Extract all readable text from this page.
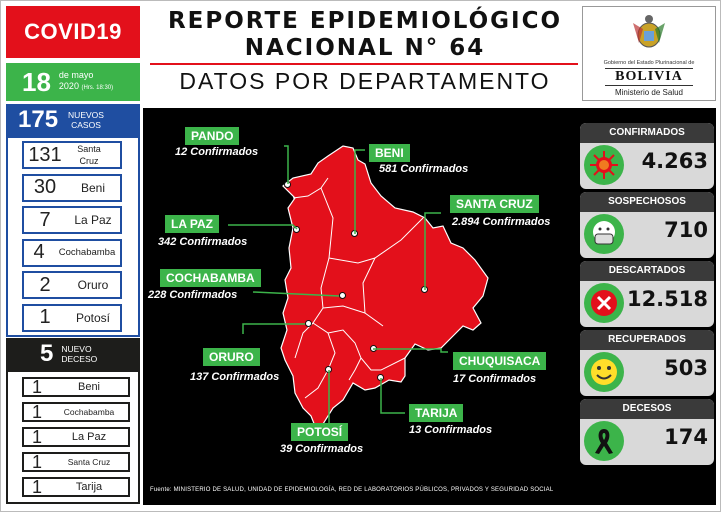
COVID19
18 de mayo
2020 (Hrs. 18:30)
175 NUEVOS
CASOS
131	Santa Cruz
30	Beni
7	La Paz
4	Cochabamba
2	Oruro
1	Potosí
5 NUEVO
DECESO
1	Beni
1	Cochabamba
1	La Paz
1	Santa Cruz
1	Tarija
REPORTE EPIDEMIOLÓGICO
NACIONAL N° 64
DATOS POR DEPARTAMENTO
Gobierno del Estado Plurinacional de
BOLIVIA
Ministerio de Salud
PANDO
12 Confirmados	BENI
581 Confirmados
LA PAZ
342 Confirmados
SANTA CRUZ
2.894 Confirmados
COCHABAMBA
228 Confirmados
ORURO
137 Confirmados
CHUQUISACA
17 Confirmados
TARIJA
13 Confirmados
POTOSÍ
39 Confirmados
Fuente: MINISTERIO DE SALUD, UNIDAD DE EPIDEMIOLOGÍA, RED DE LABORATORIOS PÚBLICOS, PRIVADOS Y SEGURIDAD SOCIAL
CONFIRMADOS
4.263
SOSPECHOSOS
710
DESCARTADOS
12.518
RECUPERADOS
503
DECESOS
174
